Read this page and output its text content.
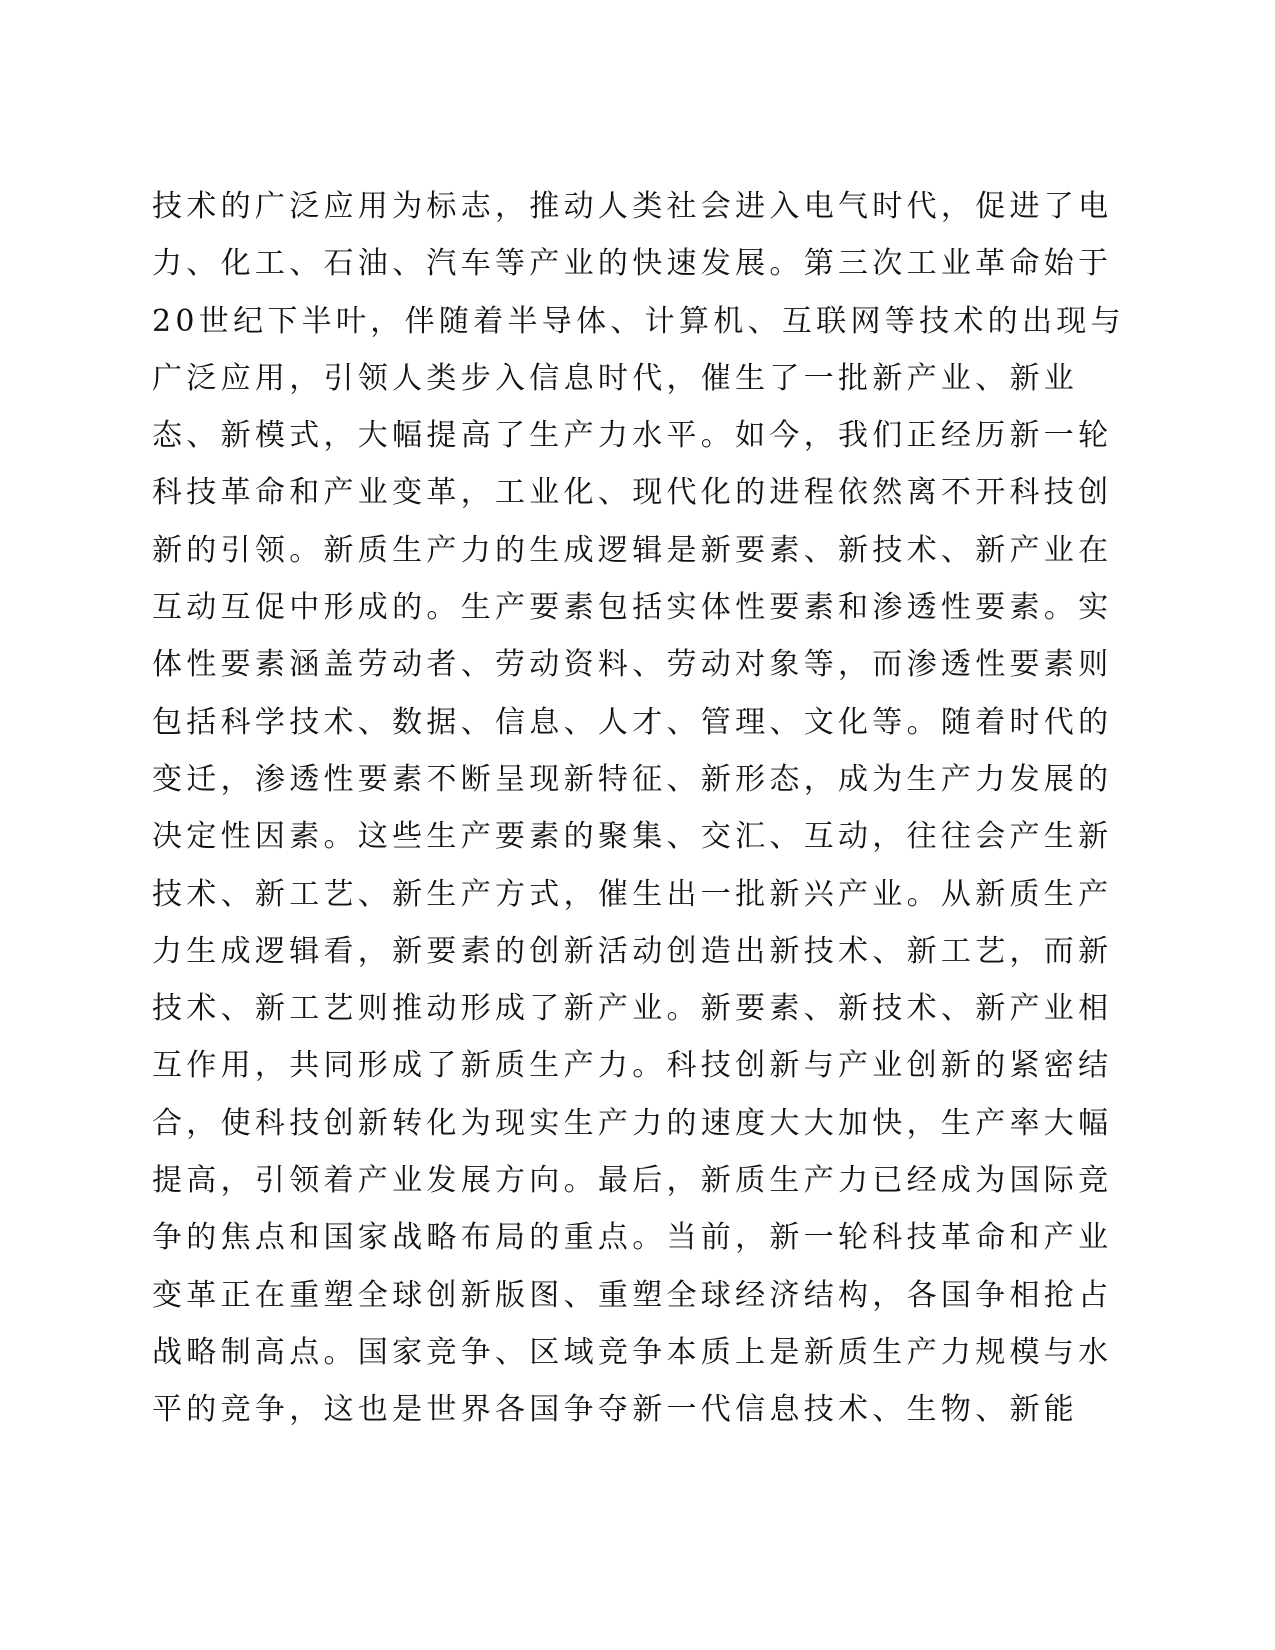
技术的广泛应用为标志，推动人类社会进入电气时代，促进了电
力、化工、石油、汽车等产业的快速发展。第三次工业革命始于
20世纪下半叶，伴随着半导体、计算机、互联网等技术的出现与
广泛应用，引领人类步入信息时代，催生了一批新产业、新业
态、新模式，大幅提高了生产力水平。如今，我们正经历新一轮
科技革命和产业变革，工业化、现代化的进程依然离不开科技创
新的引领。新质生产力的生成逻辑是新要素、新技术、新产业在
互动互促中形成的。生产要素包括实体性要素和渗透性要素。实
体性要素涵盖劳动者、劳动资料、劳动对象等，而渗透性要素则
包括科学技术、数据、信息、人才、管理、文化等。随着时代的
变迁，渗透性要素不断呈现新特征、新形态，成为生产力发展的
决定性因素。这些生产要素的聚集、交汇、互动，往往会产生新
技术、新工艺、新生产方式，催生出一批新兴产业。从新质生产
力生成逻辑看，新要素的创新活动创造出新技术、新工艺，而新
技术、新工艺则推动形成了新产业。新要素、新技术、新产业相
互作用，共同形成了新质生产力。科技创新与产业创新的紧密结
合，使科技创新转化为现实生产力的速度大大加快，生产率大幅
提高，引领着产业发展方向。最后，新质生产力已经成为国际竞
争的焦点和国家战略布局的重点。当前，新一轮科技革命和产业
变革正在重塑全球创新版图、重塑全球经济结构，各国争相抢占
战略制高点。国家竞争、区域竞争本质上是新质生产力规模与水
平的竞争，这也是世界各国争夺新一代信息技术、生物、新能
